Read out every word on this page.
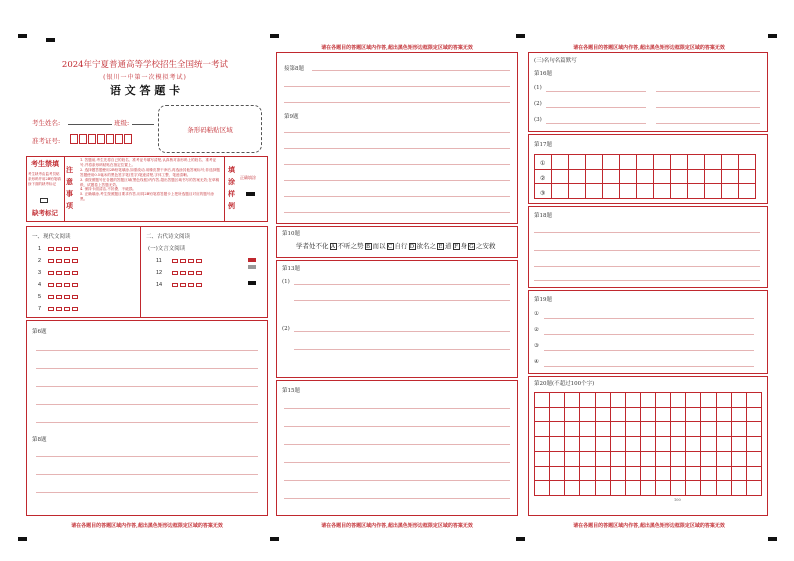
2024年宁夏普通高等学校招生全国统一考试
(银川一中第一次模拟考试)
语 文 答 题 卡
考生姓名:	班级:
准考证号:
条形码粘贴区域
考生禁填
考生缺考由监考员贴条形码并用2B铅笔填涂下面的缺考标记
缺考标记
注意事项
1. 答题前,考生先将自己的姓名、准考证号填写清楚,认真核对条形码上的姓名、准考证号,并将条形码粘贴在指定位置上。
2. 选择题答题使用2B铅笔填涂,如需改动,用橡皮擦干净后,再选涂其他答案标号;非选择题答题使用0.5毫米的黑色签字笔(签字)笔迹清楚,字体工整、笔迹清晰。
3. 请按照题号在各题的答题区域(黑色线框)内作答,超出答题区域书写的答案无效;在草稿纸、试题卷上答题无效。
4. 保持卡面清洁,不折叠、不破损。
5. 正确填涂,考生按照题目要求作答,用同2B铅笔将答题卡上把所选题目对应的题号涂黑。
填涂样例
正确填涂
一、现代文阅读
1
2
3
4
5
7
二、古代诗文阅读
(一)文言文阅读
11
12
14
第6题
第8题
请在各题目的答题区域内作答,超出黑色矩形边框限定区域的答案无效
请在各题目的答题区域内作答,超出黑色矩形边框限定区域的答案无效
接第8题
第9题
第10题
学者处不化 A 不听之势 B 而以 C 自行 D 欲名之 E 道 F 身 G 之安救
第13题
(1)
(2)
第15题
请在各题目的答题区域内作答,超出黑色矩形边框限定区域的答案无效
请在各题目的答题区域内作答,超出黑色矩形边框限定区域的答案无效
(三)名句名篇默写
第16题
(1)
(2)
(3)
第17题
①
②
③
第18题
第19题
①
②
③
④
第20题(不超过100个字)
100
请在各题目的答题区域内作答,超出黑色矩形边框限定区域的答案无效
